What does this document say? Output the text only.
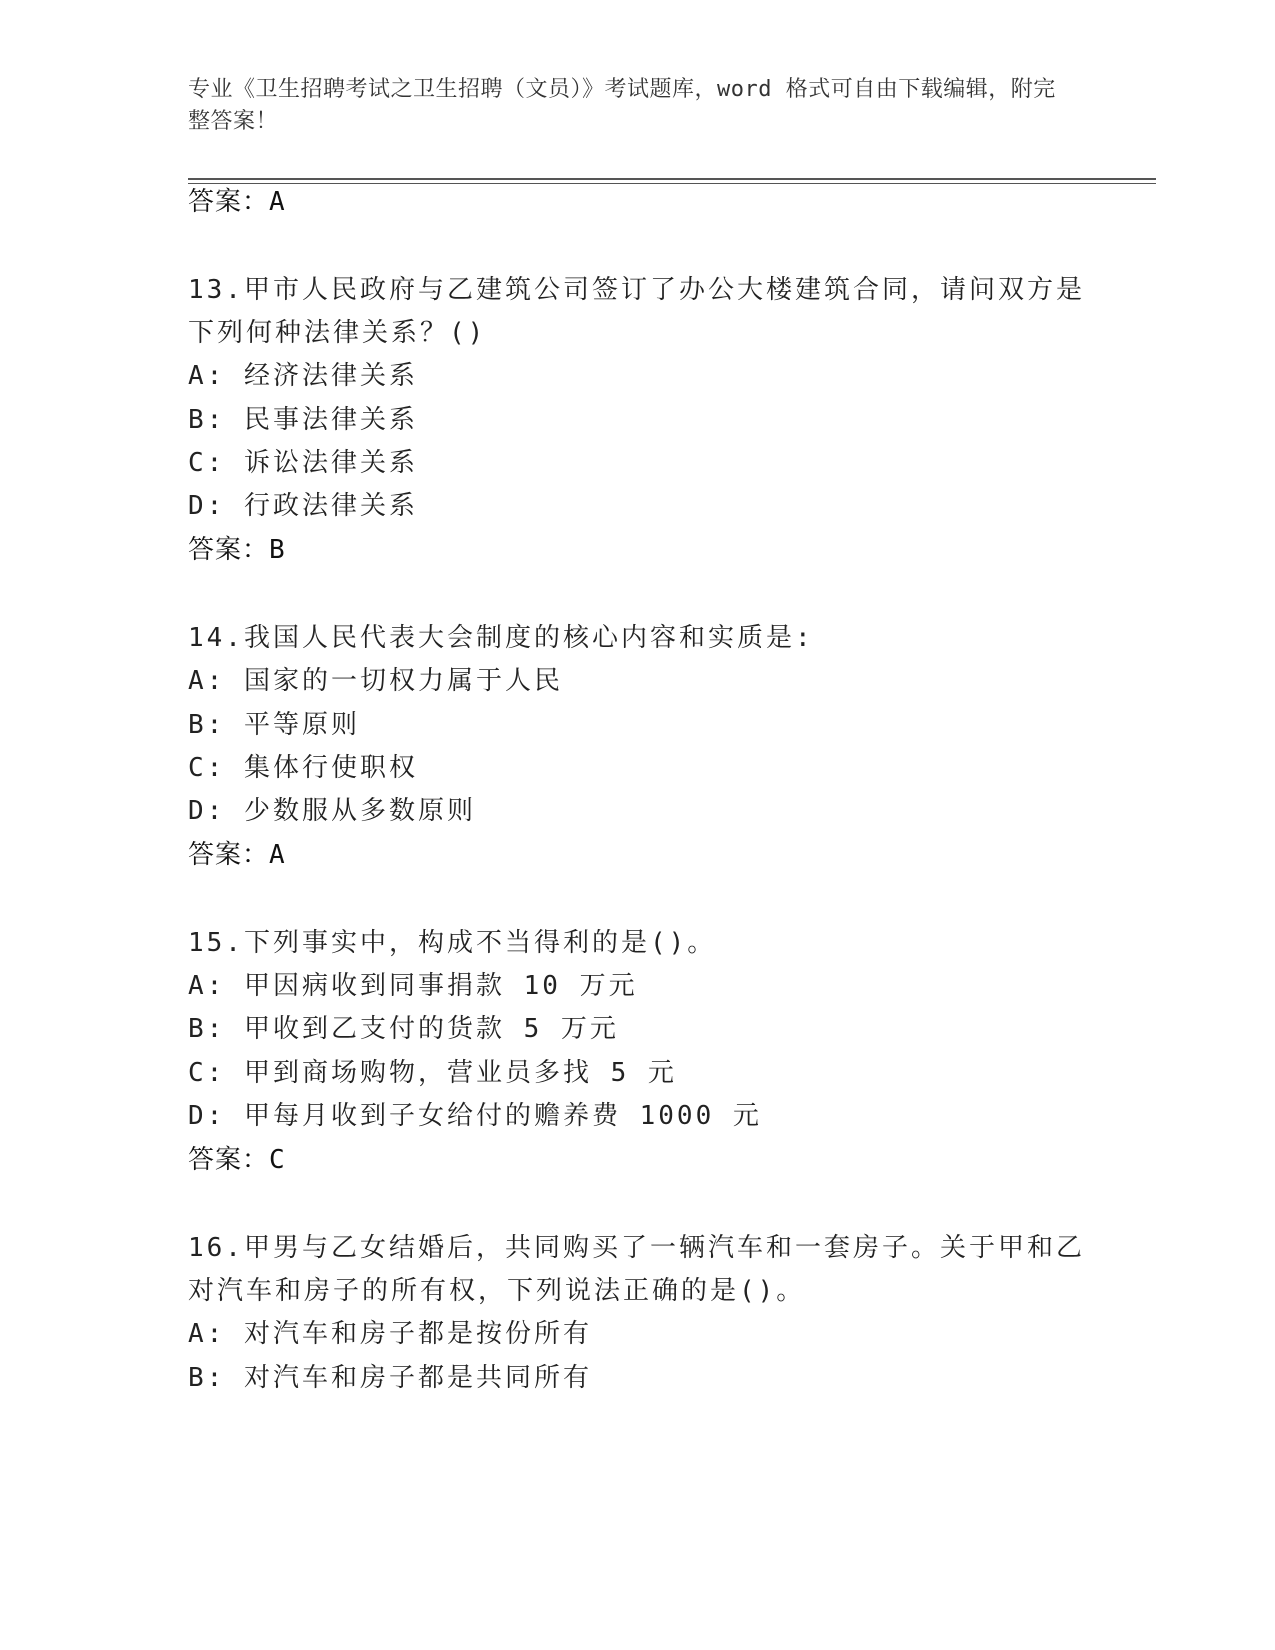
专业《卫生招聘考试之卫生招聘（文员）》考试题库，word 格式可自由下载编辑，附完整答案！
答案：A
13.甲市人民政府与乙建筑公司签订了办公大楼建筑合同，请问双方是
下列何种法律关系？()
A: 经济法律关系
B: 民事法律关系
C: 诉讼法律关系
D: 行政法律关系
答案：B
14.我国人民代表大会制度的核心内容和实质是:
A: 国家的一切权力属于人民
B: 平等原则
C: 集体行使职权
D: 少数服从多数原则
答案：A
15.下列事实中，构成不当得利的是()。
A: 甲因病收到同事捐款 10 万元
B: 甲收到乙支付的货款 5 万元
C: 甲到商场购物，营业员多找 5 元
D: 甲每月收到子女给付的赡养费 1000 元
答案：C
16.甲男与乙女结婚后，共同购买了一辆汽车和一套房子。关于甲和乙
对汽车和房子的所有权，下列说法正确的是()。
A: 对汽车和房子都是按份所有
B: 对汽车和房子都是共同所有
